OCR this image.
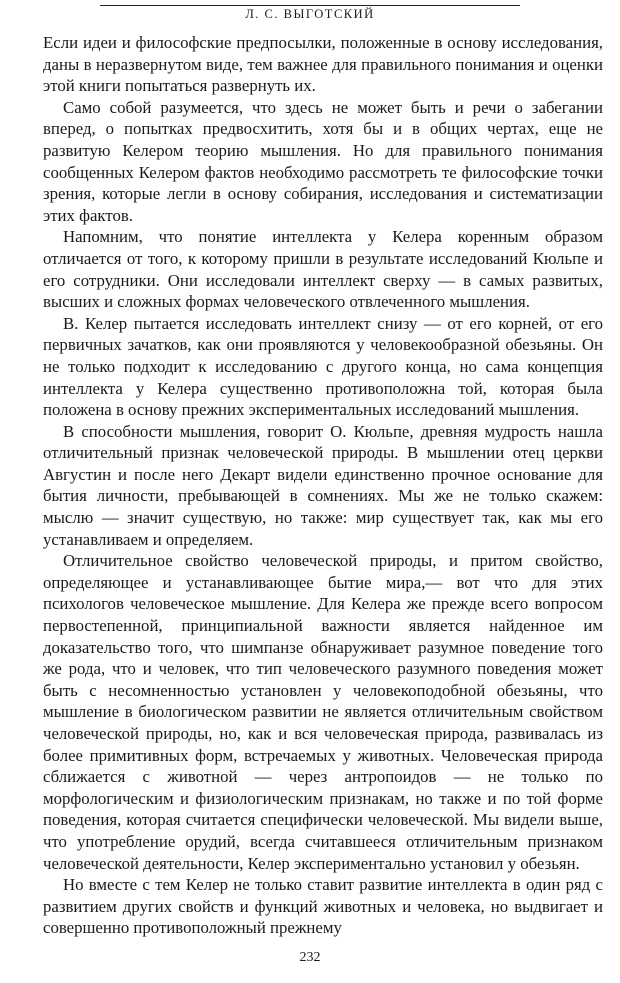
Л. С. ВЫГОТСКИЙ

Если идеи и философские предпосылки, положенные в основу исследования, даны в неразвернутом виде, тем важнее для правильного понимания и оценки этой книги попытаться развернуть их.

Само собой разумеется, что здесь не может быть и речи о забегании вперед, о попытках предвосхитить, хотя бы и в общих чертах, еще не развитую Келером теорию мышления. Но для правильного понимания сообщенных Келером фактов необходимо рассмотреть те философские точки зрения, которые легли в основу собирания, исследования и систематизации этих фактов.

Напомним, что понятие интеллекта у Келера коренным образом отличается от того, к которому пришли в результате исследований Кюльпе и его сотрудники. Они исследовали интеллект сверху — в самых развитых, высших и сложных формах человеческого отвлеченного мышления.

В. Келер пытается исследовать интеллект снизу — от его корней, от его первичных зачатков, как они проявляются у человекообразной обезьяны. Он не только подходит к исследованию с другого конца, но сама концепция интеллекта у Келера существенно противоположна той, которая была положена в основу прежних экспериментальных исследований мышления.

В способности мышления, говорит О. Кюльпе, древняя мудрость нашла отличительный признак человеческой природы. В мышлении отец церкви Августин и после него Декарт видели единственно прочное основание для бытия личности, пребывающей в сомнениях. Мы же не только скажем: мыслю — значит существую, но также: мир существует так, как мы его устанавливаем и определяем.

Отличительное свойство человеческой природы, и притом свойство, определяющее и устанавливающее бытие мира,— вот что для этих психологов человеческое мышление. Для Келера же прежде всего вопросом первостепенной, принципиальной важности является найденное им доказательство того, что шимпанзе обнаруживает разумное поведение того же рода, что и человек, что тип человеческого разумного поведения может быть с несомненностью установлен у человекоподобной обезьяны, что мышление в биологическом развитии не является отличительным свойством человеческой природы, но, как и вся человеческая природа, развивалась из более примитивных форм, встречаемых у животных. Человеческая природа сближается с животной — через антропоидов — не только по морфологическим и физиологическим признакам, но также и по той форме поведения, которая считается специфически человеческой. Мы видели выше, что употребление орудий, всегда считавшееся отличительным признаком человеческой деятельности, Келер экспериментально установил у обезьян.

Но вместе с тем Келер не только ставит развитие интеллекта в один ряд с развитием других свойств и функций животных и человека, но выдвигает и совершенно противоположный прежнему

232
